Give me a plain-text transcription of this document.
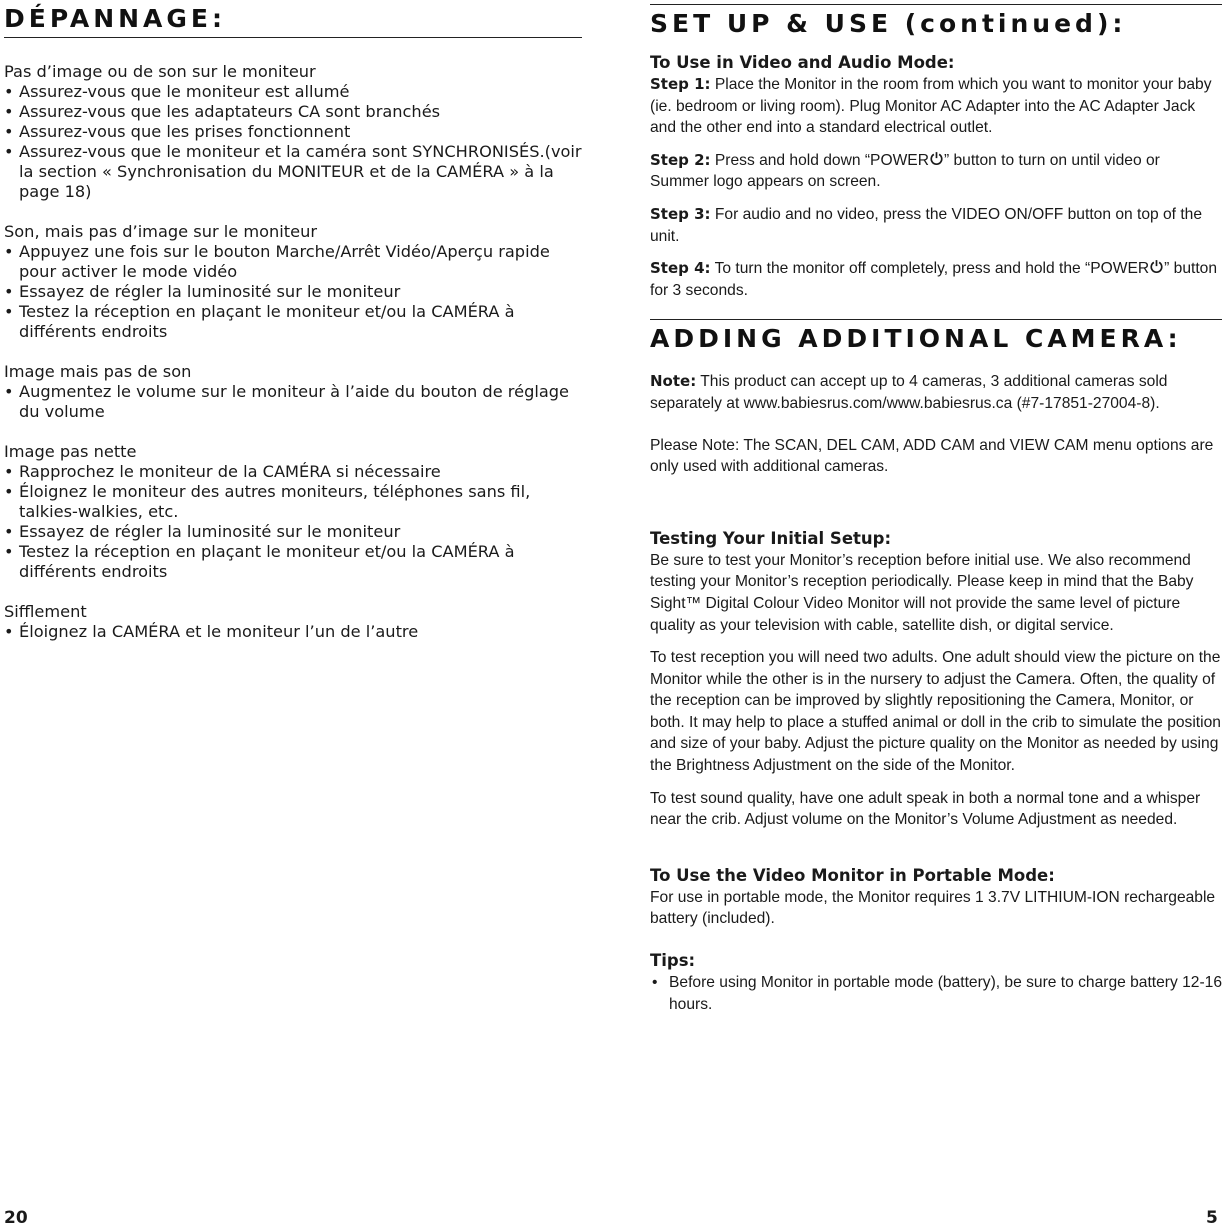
DÉPANNAGE:
Pas d’image ou de son sur le moniteur
• Assurez-vous que le moniteur est allumé
• Assurez-vous que les adaptateurs CA sont branchés
• Assurez-vous que les prises fonctionnent
• Assurez-vous que le moniteur et la caméra sont SYNCHRONISÉS.(voir la section « Synchronisation du MONITEUR et de la CAMÉRA » à la page 18)
Son, mais pas d’image sur le moniteur
• Appuyez une fois sur le bouton Marche/Arrêt Vidéo/Aperçu rapide pour activer le mode vidéo
• Essayez de régler la luminosité sur le moniteur
• Testez la réception en plaçant le moniteur et/ou la CAMÉRA à différents endroits
Image mais pas de son
• Augmentez le volume sur le moniteur à l’aide du bouton de réglage du volume
Image pas nette
• Rapprochez le moniteur de la CAMÉRA si nécessaire
• Éloignez le moniteur des autres moniteurs, téléphones sans fil, talkies-walkies, etc.
• Essayez de régler la luminosité sur le moniteur
• Testez la réception en plaçant le moniteur et/ou la CAMÉRA à différents endroits
Sifflement
• Éloignez la CAMÉRA et le moniteur l’un de l’autre
20
SET UP & USE (continued):
To Use in Video and Audio Mode:

Step 1: Place the Monitor in the room from which you want to monitor your baby (ie. bedroom or living room). Plug Monitor AC Adapter into the AC Adapter Jack and the other end into a standard electrical outlet.

Step 2: Press and hold down “POWER ” button to turn on until video or Summer logo appears on screen.

Step 3: For audio and no video, press the VIDEO ON/OFF button on top of the unit.

Step 4: To turn the monitor off completely, press and hold the “POWER ” button for 3 seconds.

ADDING ADDITIONAL CAMERA:

Note: This product can accept up to 4 cameras, 3 additional cameras sold separately at www.babiesrus.com/www.babiesrus.ca (#7-17851-27004-8).

Please Note: The SCAN, DEL CAM, ADD CAM and VIEW CAM menu options are only used with additional cameras.

Testing Your Initial Setup:

Be sure to test your Monitor’s reception before initial use. We also recommend testing your Monitor’s reception periodically. Please keep in mind that the Baby Sight™ Digital Colour Video Monitor will not provide the same level of picture quality as your television with cable, satellite dish, or digital service.

To test reception you will need two adults. One adult should view the picture on the Monitor while the other is in the nursery to adjust the Camera. Often, the quality of the reception can be improved by slightly repositioning the Camera, Monitor, or both. It may help to place a stuffed animal or doll in the crib to simulate the position and size of your baby. Adjust the picture quality on the Monitor as needed by using the Brightness Adjustment on the side of the Monitor.

To test sound quality, have one adult speak in both a normal tone and a whisper near the crib. Adjust volume on the Monitor’s Volume Adjustment as needed.

To Use the Video Monitor in Portable Mode:

For use in portable mode, the Monitor requires 1 3.7V LITHIUM-ION rechargeable battery (included).

Tips:
• Before using Monitor in portable mode (battery), be sure to charge battery 12-16 hours.
5
